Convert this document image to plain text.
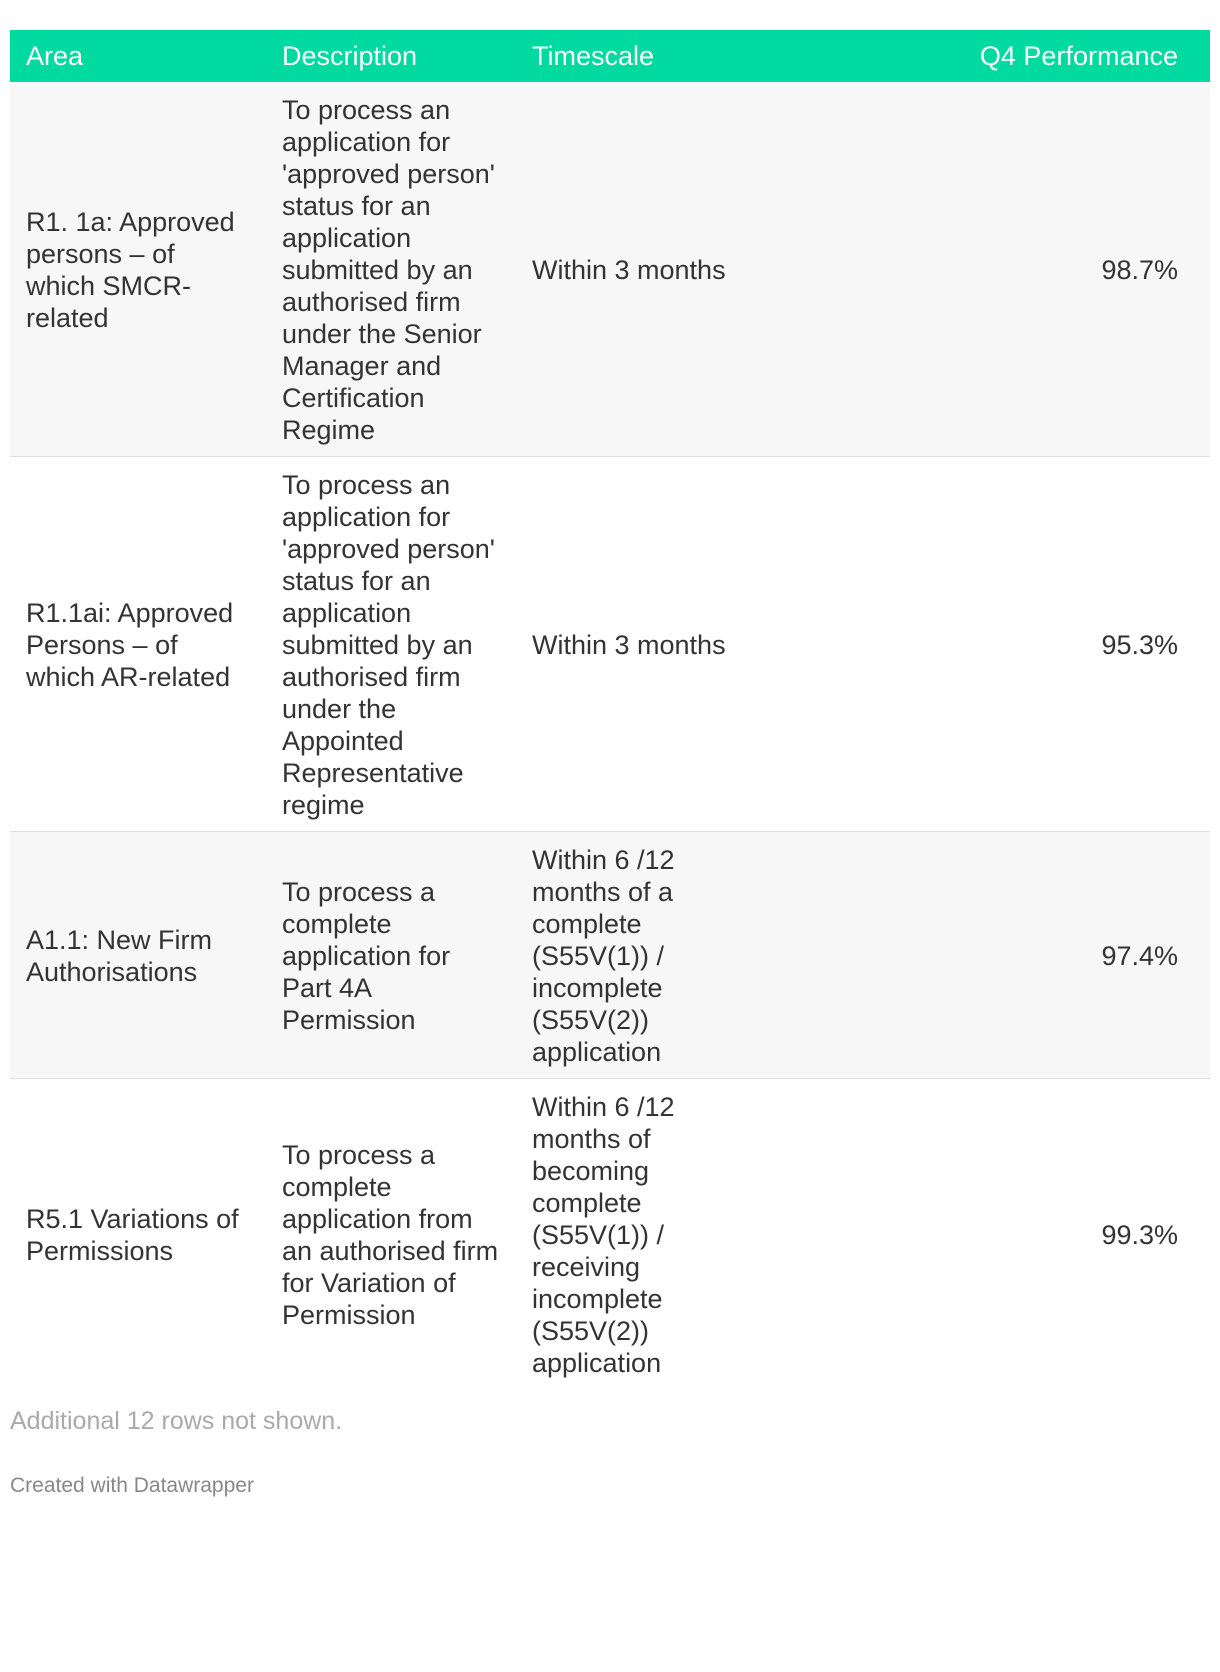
Area	Description	Timescale	Q4 Performance
R1. 1a: Approved persons – of which SMCR-related	To process an application for 'approved person' status for an application submitted by an authorised firm under the Senior Manager and Certification Regime	Within 3 months	98.7%
R1.1ai: Approved Persons – of which AR-related	To process an application for 'approved person' status for an application submitted by an authorised firm under the Appointed Representative regime	Within 3 months	95.3%
A1.1: New Firm Authorisations	To process a complete application for Part 4A Permission	Within 6 /12 months of a complete (S55V(1)) / incomplete (S55V(2)) application	97.4%
R5.1 Variations of Permissions	To process a complete application from an authorised firm for Variation of Permission	Within 6 /12 months of becoming complete (S55V(1)) / receiving incomplete (S55V(2)) application	99.3%
Additional 12 rows not shown.
Created with Datawrapper
